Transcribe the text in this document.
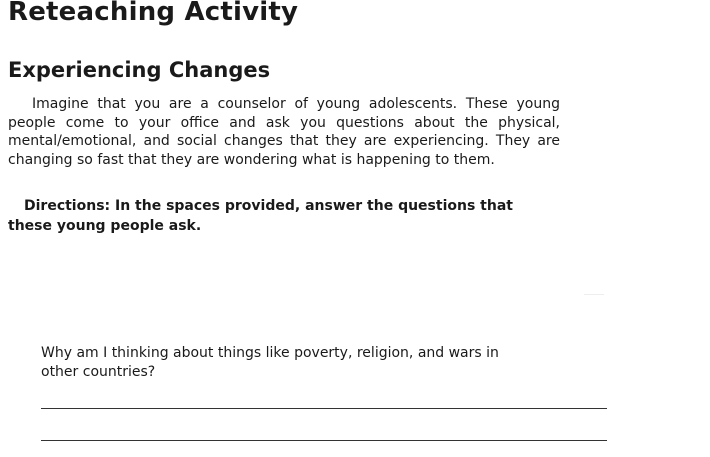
Reteaching Activity
Experiencing Changes

Imagine that you are a counselor of young adolescents. These young people come to your office and ask you questions about the physical, mental/emotional, and social changes that they are experiencing. They are changing so fast that they are wondering what is happening to them.

Directions: In the spaces provided, answer the questions that these young people ask.

Why am I thinking about things like poverty, religion, and wars in other countries?
